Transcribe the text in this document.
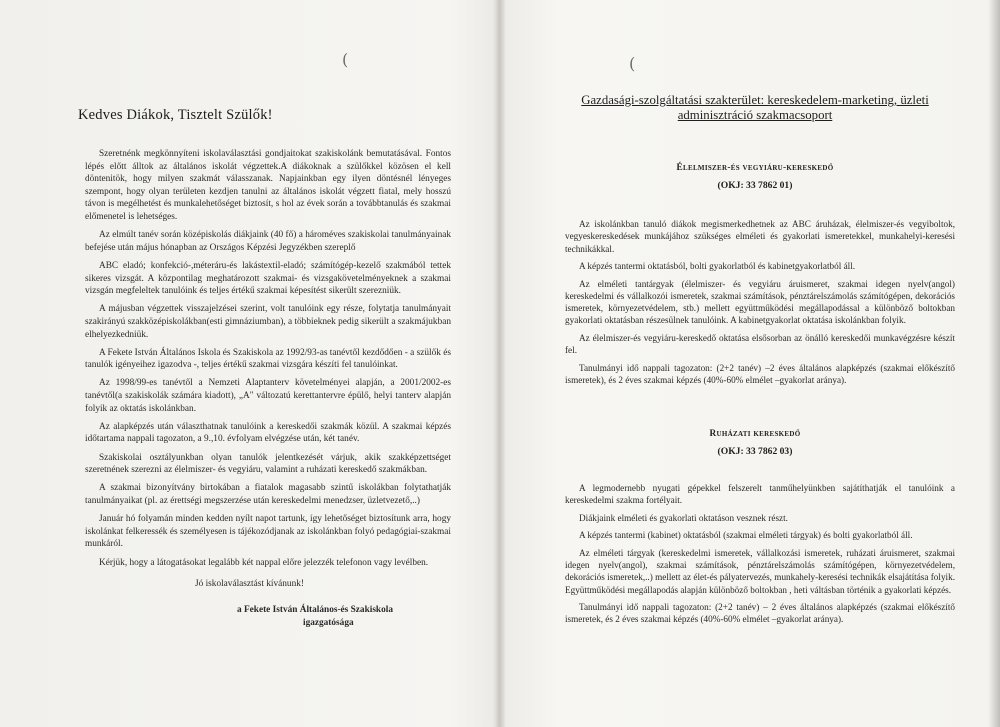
(
Kedves Diákok, Tisztelt Szülők!

Szeretnénk megkönnyíteni iskolaválasztási gondjaitokat szakiskolánk bemutatásával. Fontos lépés előtt álltok az általános iskolát végzettek.A diákoknak a szülőkkel közösen el kell döntenitök, hogy milyen szakmát válasszanak. Napjainkban egy ilyen döntésnél lényeges szempont, hogy olyan területen kezdjen tanulni az általános iskolát végzett fiatal, mely hosszú távon is megélhetést és munkalehetőséget biztosít, s hol az évek során a továbbtanulás és szakmai előmenetel is lehetséges.

Az elmúlt tanév során középiskolás diákjaink (40 fő) a hároméves szakiskolai tanulmányainak befejése után május hónapban az Országos Képzési Jegyzékben szereplő

ABC eladó; konfekció-,méteráru-és lakástextil-eladó; számítógép-kezelő szakmából tettek sikeres vizsgát. A központilag meghatározott szakmai- és vizsgakövetelményeknek a szakmai vizsgán megfeleltek tanulóink és teljes értékű szakmai képesítést sikerült szerezniük.

A májusban végzettek visszajelzései szerint, volt tanulóink egy része, folytatja tanulmányait szakirányú szakközépiskolákban(esti gimnáziumban), a többieknek pedig sikerült a szakmájukban elhelyezkedniük.

A Fekete István Általános Iskola és Szakiskola az 1992/93-as tanévtől kezdődően - a szülők és tanulók igényeihez igazodva -, teljes értékű szakmai vizsgára készíti fel tanulóinkat.

Az 1998/99-es tanévtől a Nemzeti Alaptanterv követelményei alapján, a 2001/2002-es tanévtől(a szakiskolák számára kiadott), „A" változatú kerettantervre épülő, helyi tanterv alapján folyik az oktatás iskolánkban.

Az alapképzés után választhatnak tanulóink a kereskedői szakmák közül. A szakmai képzés időtartama nappali tagozaton, a 9.,10. évfolyam elvégzése után, két tanév.

Szakiskolai osztályunkban olyan tanulók jelentkezését várjuk, akik szakképzettséget szeretnének szerezni az élelmiszer- és vegyiáru, valamint a ruházati kereskedő szakmákban.

A szakmai bizonyítvány birtokában a fiatalok magasabb szintű iskolákban folytathatják tanulmányaikat (pl. az érettségi megszerzése után kereskedelmi menedzser, üzletvezető,..)

Január hó folyamán minden kedden nyílt napot tartunk, így lehetőséget biztosítunk arra, hogy iskolánkat felkeressék és személyesen is tájékozódjanak az iskolánkban folyó pedagógiai-szakmai munkáról.

Kérjük, hogy a látogatásokat legalább két nappal előre jelezzék telefonon vagy levélben.

Jó iskolaválasztást kívánunk!
a Fekete István Általános-és Szakiskola
igazgatósága
(
Gazdasági-szolgáltatási szakterület: kereskedelem-marketing, üzleti adminisztráció szakmacsoport
Élelmiszer-és vegyiáru-kereskedő
(OKJ: 33 7862 01)

Az iskolánkban tanuló diákok megismerkedhetnek az ABC áruházak, élelmiszer-és vegyiboltok, vegyeskereskedések munkájához szükséges elméleti és gyakorlati ismeretekkel, munkahelyi-keresési technikákkal.

A képzés tantermi oktatásból, bolti gyakorlatból és kabinetgyakorlatból áll.

Az elméleti tantárgyak (élelmiszer- és vegyiáru áruismeret, szakmai idegen nyelv(angol) kereskedelmi és vállalkozói ismeretek, szakmai számítások, pénztárelszámolás számítógépen, dekorációs ismeretek, környezetvédelem, stb.) mellett együttműködési megállapodással a különböző boltokban gyakorlati oktatásban részesülnek tanulóink. A kabinetgyakorlat oktatása iskolánkban folyik.

Az élelmiszer-és vegyiáru-kereskedő oktatása elsősorban az önálló kereskedői munkavégzésre készít fel.

Tanulmányi idő nappali tagozaton: (2+2 tanév) –2 éves általános alapképzés (szakmai előkészítő ismeretek), és 2 éves szakmai képzés (40%-60% elmélet –gyakorlat aránya).

Ruházati kereskedő
(OKJ: 33 7862 03)

A legmodernebb nyugati gépekkel felszerelt tanműhelyünkben sajátíthatják el tanulóink a kereskedelmi szakma fortélyait.

Diákjaink elméleti és gyakorlati oktatáson vesznek részt.

A képzés tantermi (kabinet) oktatásból (szakmai elméleti tárgyak) és bolti gyakorlatból áll.

Az elméleti tárgyak (kereskedelmi ismeretek, vállalkozási ismeretek, ruházati áruismeret, szakmai idegen nyelv(angol), szakmai számítások, pénztárelszámolás számítógépen, környezetvédelem, dekorációs ismeretek,..) mellett az élet-és pályatervezés, munkahely-keresési technikák elsajátítása folyik. Együttműködési megállapodás alapján különböző boltokban , heti váltásban történik a gyakorlati képzés.

Tanulmányi idő nappali tagozaton: (2+2 tanév) – 2 éves általános alapképzés (szakmai előkészítő ismeretek, és 2 éves szakmai képzés (40%-60% elmélet –gyakorlat aránya).
